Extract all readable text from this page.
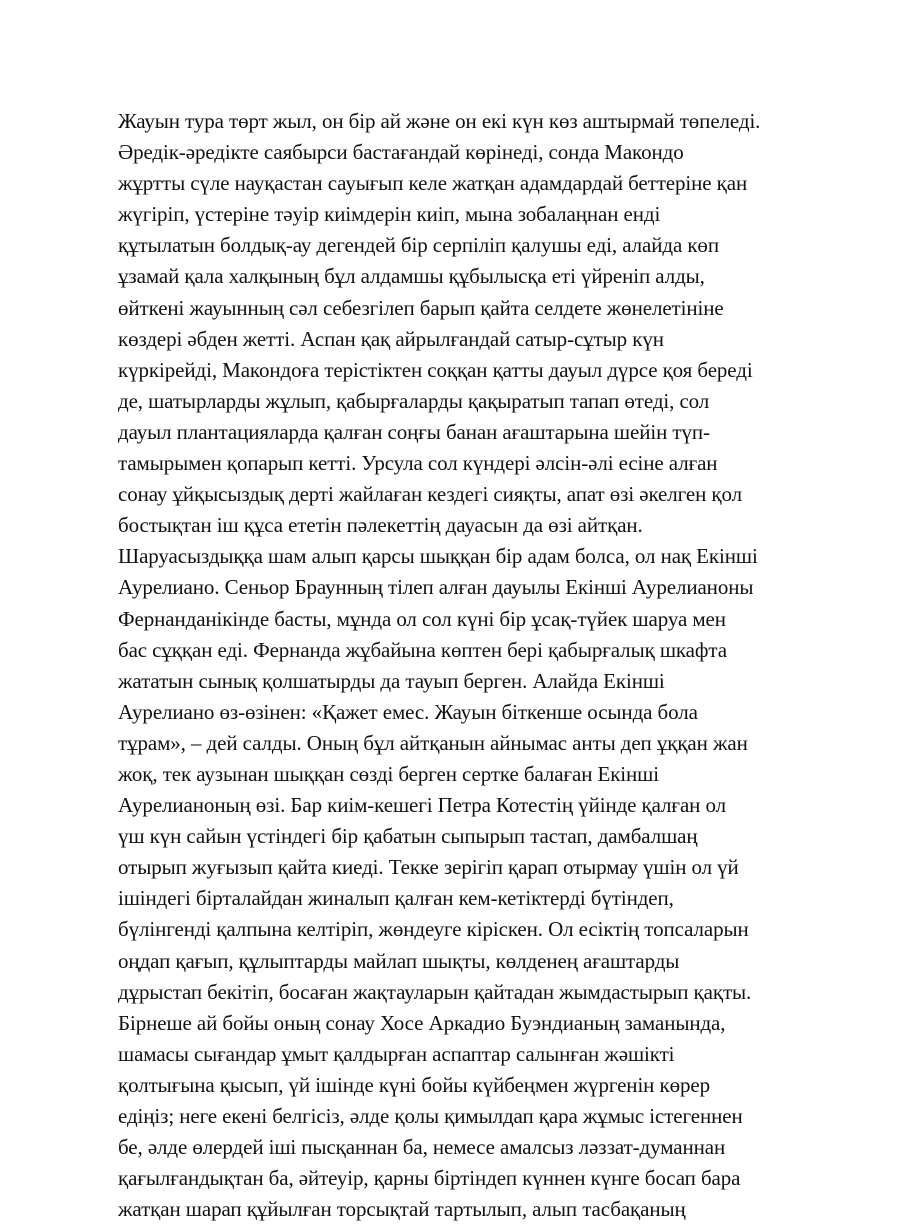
Жауын тура төрт жыл, он бір ай және он екі күн көз аштырмай төпеледі.
Әредік-әредікте саябырси бастағандай көрінеді, сонда Макондо
жұртты сүле науқастан сауығып келе жатқан адамдардай беттеріне қан
жүгіріп, үстеріне тәуір киімдерін киіп, мына зобалаңнан енді
құтылатын болдық-ау дегендей бір серпіліп қалушы еді, алайда көп
ұзамай қала халқының бұл алдамшы құбылысқа еті үйреніп алды,
өйткені жауынның сәл себезгілеп барып қайта селдете жөнелетініне
көздері әбден жетті. Аспан қақ айрылғандай сатыр-сұтыр күн
күркірейді, Макондоға терістіктен соққан қатты дауыл дүрсе қоя береді
де, шатырларды жұлып, қабырғаларды қақыратып тапап өтеді, сол
дауыл плантацияларда қалған соңғы банан ағаштарына шейін түп-
тамырымен қопарып кетті. Урсула сол күндері әлсін-әлі есіне алған
сонау ұйқысыздық дерті жайлаған кездегі сияқты, апат өзі әкелген қол
бостықтан іш құса ететін пәлекеттің дауасын да өзі айтқан.
Шаруасыздыққа шам алып қарсы шыққан бір адам болса, ол нақ Екінші
Аурелиано. Сеньор Браунның тілеп алған дауылы Екінші Аурелианоны
Фернанданікінде басты, мұнда ол сол күні бір ұсақ-түйек шаруа мен
бас сұққан еді. Фернанда жұбайына көптен бері қабырғалық шкафта
жататын сынық қолшатырды да тауып берген. Алайда Екінші
Аурелиано өз-өзінен: «Қажет емес. Жауын біткенше осында бола
тұрам», – дей салды. Оның бұл айтқанын айнымас анты деп ұққан жан
жоқ, тек аузынан шыққан сөзді берген сертке балаған Екінші
Аурелианоның өзі. Бар киім-кешегі Петра Котестің үйінде қалған ол
үш күн сайын үстіндегі бір қабатын сыпырып тастап, дамбалшаң
отырып жуғызып қайта киеді. Текке зерігіп қарап отырмау үшін ол үй
ішіндегі бірталайдан жиналып қалған кем-кетіктерді бүтіндеп,
бүлінгенді қалпына келтіріп, жөндеуге кіріскен. Ол есіктің топсаларын
оңдап қағып, құлыптарды майлап шықты, көлденең ағаштарды
дұрыстап бекітіп, босаған жақтауларын қайтадан жымдастырып қақты.
Бірнеше ай бойы оның сонау Хосе Аркадио Буэндианың заманында,
шамасы сығандар ұмыт қалдырған аспаптар салынған жәшікті
қолтығына қысып, үй ішінде күні бойы күйбеңмен жүргенін көрер
едіңіз; неге екені белгісіз, әлде қолы қимылдап қара жұмыс істегеннен
бе, әлде өлердей іші пысқаннан ба, немесе амалсыз ләззат-думаннан
қағылғандықтан ба, әйтеуір, қарны біртіндеп күннен күнге босап бара
жатқан шарап құйылған торсықтай тартылып, алып тасбақаның
